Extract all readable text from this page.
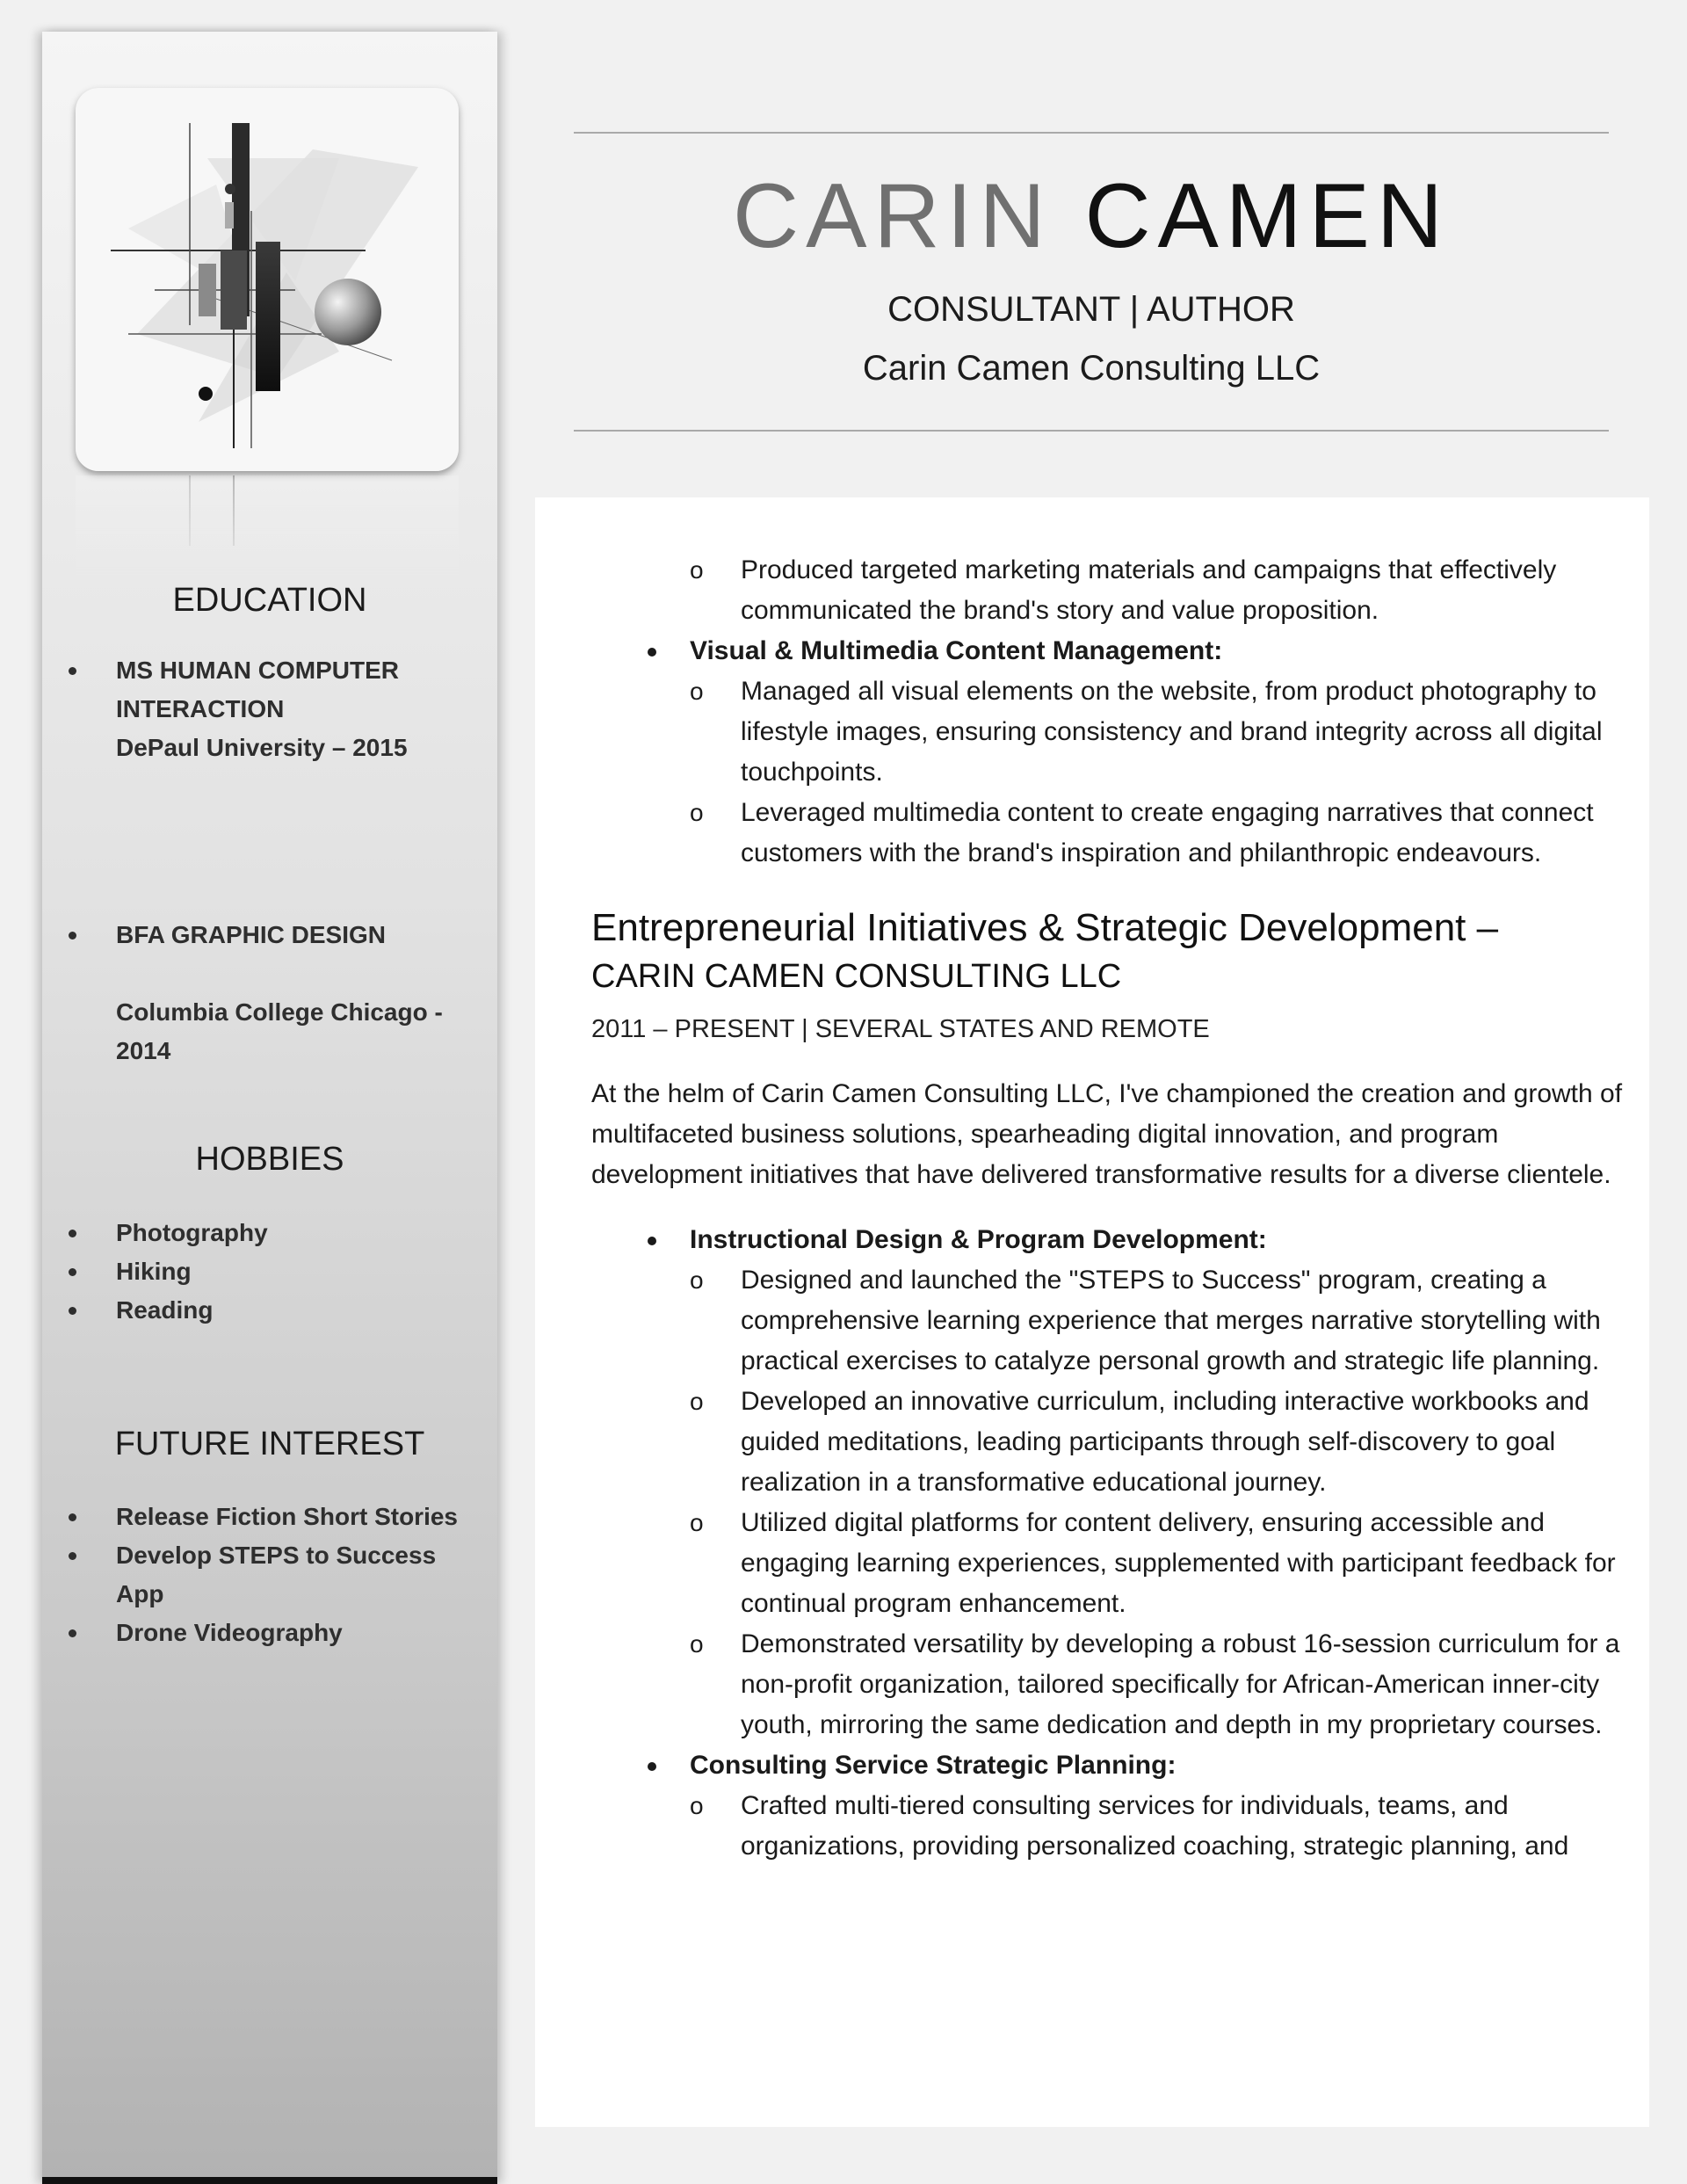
EDUCATION
MS HUMAN COMPUTER INTERACTION
DePaul University – 2015
BFA GRAPHIC DESIGN
Columbia College Chicago - 2014
HOBBIES
Photography
Hiking
Reading
FUTURE INTEREST
Release Fiction Short Stories
Develop STEPS to Success App
Drone Videography
CARIN CAMEN
CONSULTANT | AUTHOR
Carin Camen Consulting LLC
o Produced targeted marketing materials and campaigns that effectively communicated the brand's story and value proposition.
Visual & Multimedia Content Management:
o Managed all visual elements on the website, from product photography to lifestyle images, ensuring consistency and brand integrity across all digital touchpoints.
o Leveraged multimedia content to create engaging narratives that connect customers with the brand's inspiration and philanthropic endeavours.
Entrepreneurial Initiatives & Strategic Development –
CARIN CAMEN CONSULTING LLC
2011 – PRESENT | SEVERAL STATES AND REMOTE
At the helm of Carin Camen Consulting LLC, I've championed the creation and growth of multifaceted business solutions, spearheading digital innovation, and program development initiatives that have delivered transformative results for a diverse clientele.
Instructional Design & Program Development:
o Designed and launched the "STEPS to Success" program, creating a comprehensive learning experience that merges narrative storytelling with practical exercises to catalyze personal growth and strategic life planning.
o Developed an innovative curriculum, including interactive workbooks and guided meditations, leading participants through self-discovery to goal realization in a transformative educational journey.
o Utilized digital platforms for content delivery, ensuring accessible and engaging learning experiences, supplemented with participant feedback for continual program enhancement.
o Demonstrated versatility by developing a robust 16-session curriculum for a non-profit organization, tailored specifically for African-American inner-city youth, mirroring the same dedication and depth in my proprietary courses.
Consulting Service Strategic Planning:
o Crafted multi-tiered consulting services for individuals, teams, and organizations, providing personalized coaching, strategic planning, and
